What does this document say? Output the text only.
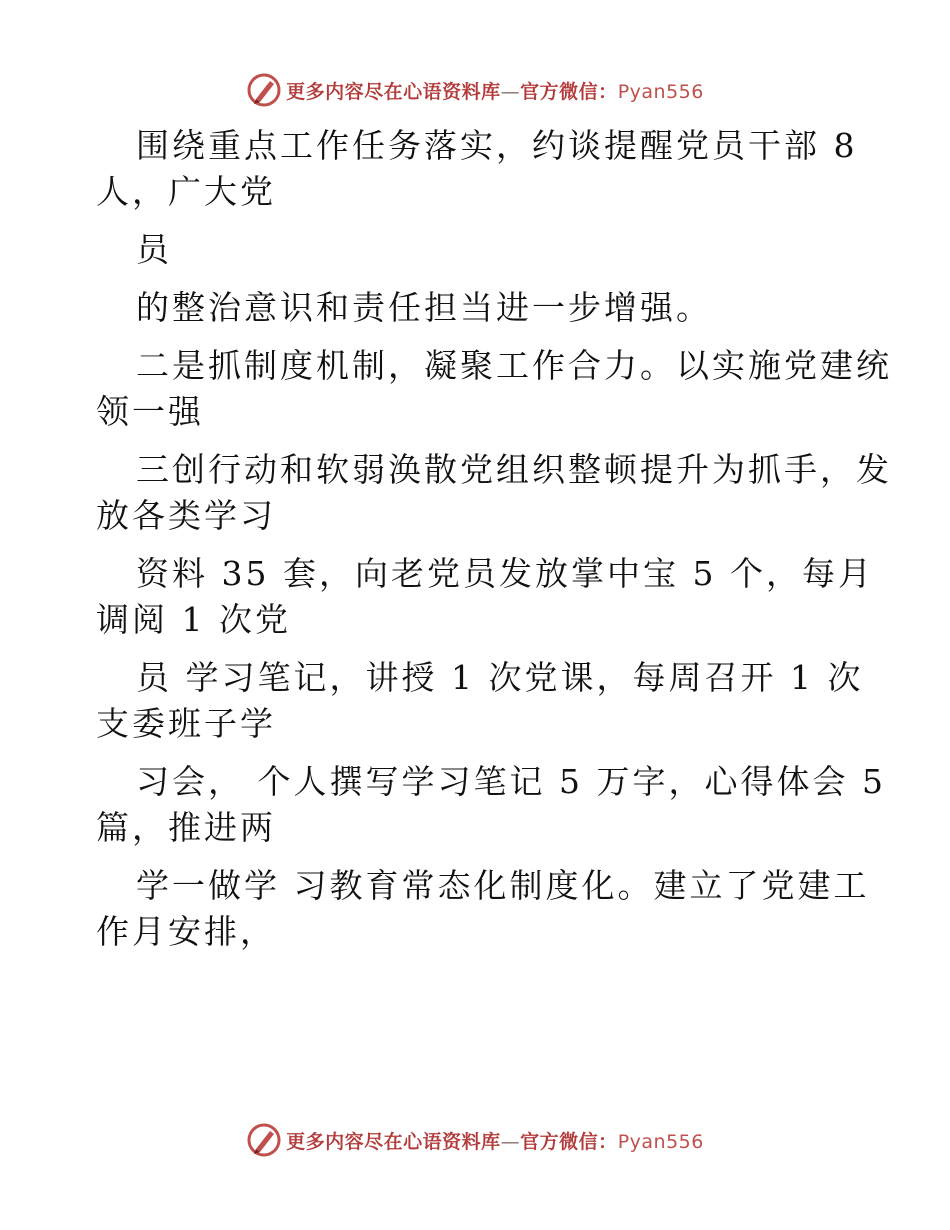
更多内容尽在心语资料库—官方微信：Pyan556
围绕重点工作任务落实，约谈提醒党员干部 8
人，广大党
员
的整治意识和责任担当进一步增强。
二是抓制度机制，凝聚工作合力。以实施党建统
领一强
三创行动和软弱涣散党组织整顿提升为抓手，发
放各类学习
资料 35 套，向老党员发放掌中宝 5 个，每月
调阅 1 次党
员 学习笔记，讲授 1 次党课，每周召开 1 次
支委班子学
习会， 个人撰写学习笔记 5 万字，心得体会 5
篇，推进两
学一做学 习教育常态化制度化。建立了党建工
作月安排，
更多内容尽在心语资料库—官方微信：Pyan556
